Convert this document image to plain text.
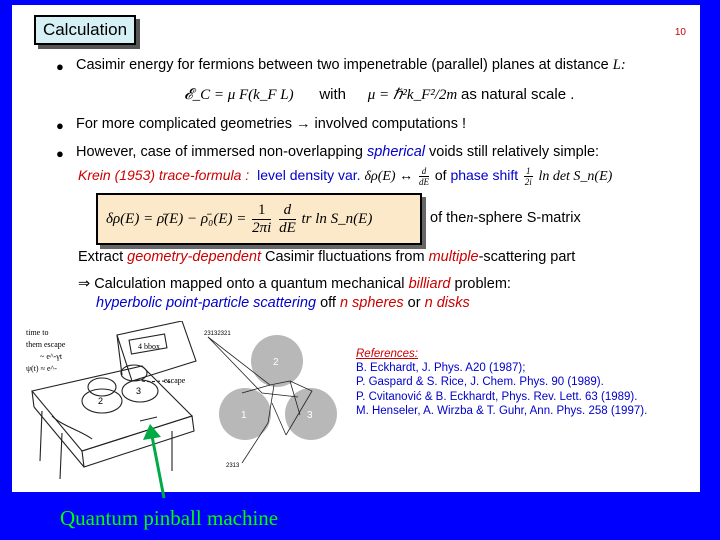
Calculation	10
● Casimir energy for fermions between two impenetrable (parallel) planes at distance L:
𝓔_C = μ F(k_F L) with μ = ℏ²k_F²/2m as natural scale .
● For more complicated geometries → involved computations !
● However, case of immersed non-overlapping spherical voids still relatively simple:
Krein (1953) trace-formula : level density var. δρ(E) ↔ $\frac{d}{dE}$ of phase shift $\frac{1}{2i}$ ln det S_n(E)
δρ(E) = ρ̄(E) − ρ̄₀(E) = $\frac{1}{2\pi i}$
$\frac{d}{dE}$ tr ln S_n(E)	of then-sphere S-matrix
Extract geometry-dependent Casimir fluctuations from multiple-scattering part
⇒ Calculation mapped onto a quantum mechanical billiard problem:
hyperbolic point-particle scattering off n spheres or n disks
time to
them escape
~ e^-γt
ψ(t) ≈ e^-
4 bbox
2
3
escape
2
1	3
23132321
2313
References:
B. Eckhardt, J. Phys. A20 (1987);
P. Gaspard & S. Rice, J. Chem. Phys. 90 (1989).
P. Cvitanović & B. Eckhardt, Phys. Rev. Lett. 63 (1989).
M. Henseler, A. Wirzba & T. Guhr, Ann. Phys. 258 (1997).
Quantum pinball machine
